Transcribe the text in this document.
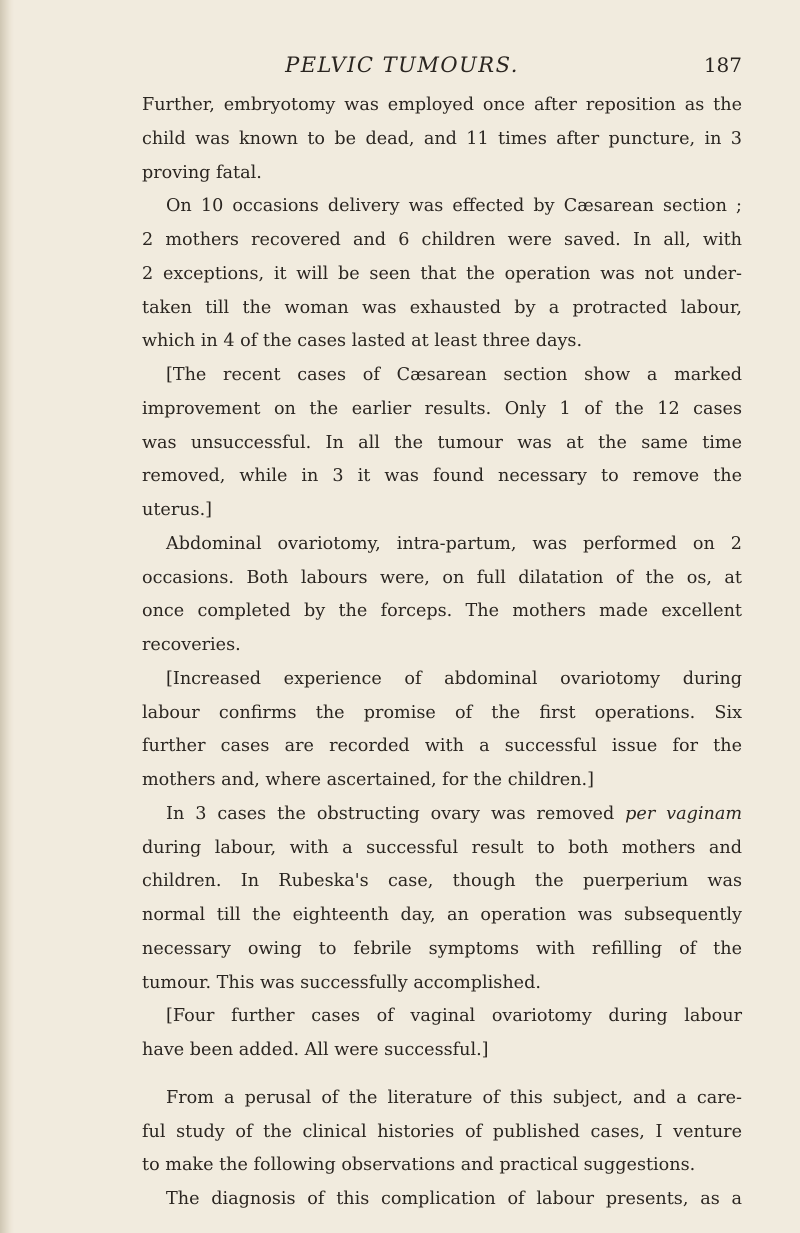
PELVIC TUMOURS.	187
Further, embryotomy was employed once after reposition as the
child was known to be dead, and 11 times after puncture, in 3
proving fatal.
On 10 occasions delivery was effected by Cæsarean section ;
2 mothers recovered and 6 children were saved. In all, with
2 exceptions, it will be seen that the operation was not under-
taken till the woman was exhausted by a protracted labour,
which in 4 of the cases lasted at least three days.
[The recent cases of Cæsarean section show a marked
improvement on the earlier results. Only 1 of the 12 cases
was unsuccessful. In all the tumour was at the same time
removed, while in 3 it was found necessary to remove the
uterus.]
Abdominal ovariotomy, intra-partum, was performed on 2
occasions. Both labours were, on full dilatation of the os, at
once completed by the forceps. The mothers made excellent
recoveries.
[Increased experience of abdominal ovariotomy during
labour confirms the promise of the first operations. Six
further cases are recorded with a successful issue for the
mothers and, where ascertained, for the children.]
In 3 cases the obstructing ovary was removed per vaginam
during labour, with a successful result to both mothers and
children. In Rubeska's case, though the puerperium was
normal till the eighteenth day, an operation was subsequently
necessary owing to febrile symptoms with refilling of the
tumour. This was successfully accomplished.
[Four further cases of vaginal ovariotomy during labour
have been added. All were successful.]
From a perusal of the literature of this subject, and a care-
ful study of the clinical histories of published cases, I venture
to make the following observations and practical suggestions.
The diagnosis of this complication of labour presents, as a
